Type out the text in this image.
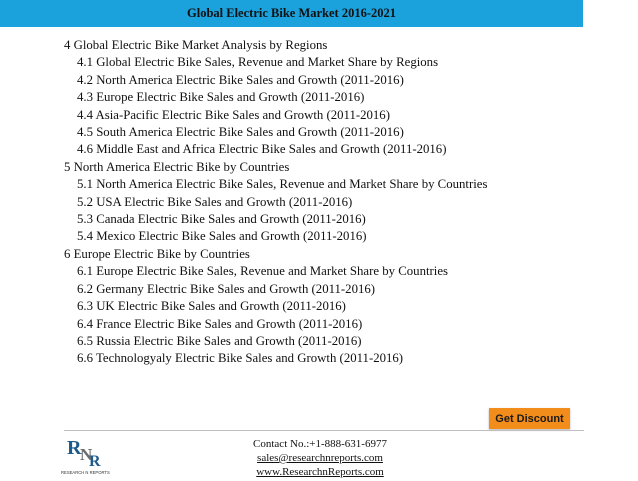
Global Electric Bike Market 2016-2021
4 Global Electric Bike Market Analysis by Regions
4.1 Global Electric Bike Sales, Revenue and Market Share by Regions
4.2 North America Electric Bike Sales and Growth (2011-2016)
4.3 Europe Electric Bike Sales and Growth (2011-2016)
4.4 Asia-Pacific Electric Bike Sales and Growth (2011-2016)
4.5 South America Electric Bike Sales and Growth (2011-2016)
4.6 Middle East and Africa Electric Bike Sales and Growth (2011-2016)
5 North America Electric Bike by Countries
5.1 North America Electric Bike Sales, Revenue and Market Share by Countries
5.2 USA Electric Bike Sales and Growth (2011-2016)
5.3 Canada Electric Bike Sales and Growth (2011-2016)
5.4 Mexico Electric Bike Sales and Growth (2011-2016)
6 Europe Electric Bike by Countries
6.1 Europe Electric Bike Sales, Revenue and Market Share by Countries
6.2 Germany Electric Bike Sales and Growth (2011-2016)
6.3 UK Electric Bike Sales and Growth (2011-2016)
6.4 France Electric Bike Sales and Growth (2011-2016)
6.5 Russia Electric Bike Sales and Growth (2011-2016)
6.6 Technologyaly Electric Bike Sales and Growth (2011-2016)
Get Discount
R
N
R
RESEARCH N REPORTS
Contact No.:+1-888-631-6977
sales@researchnreports.com
www.ResearchnReports.com
